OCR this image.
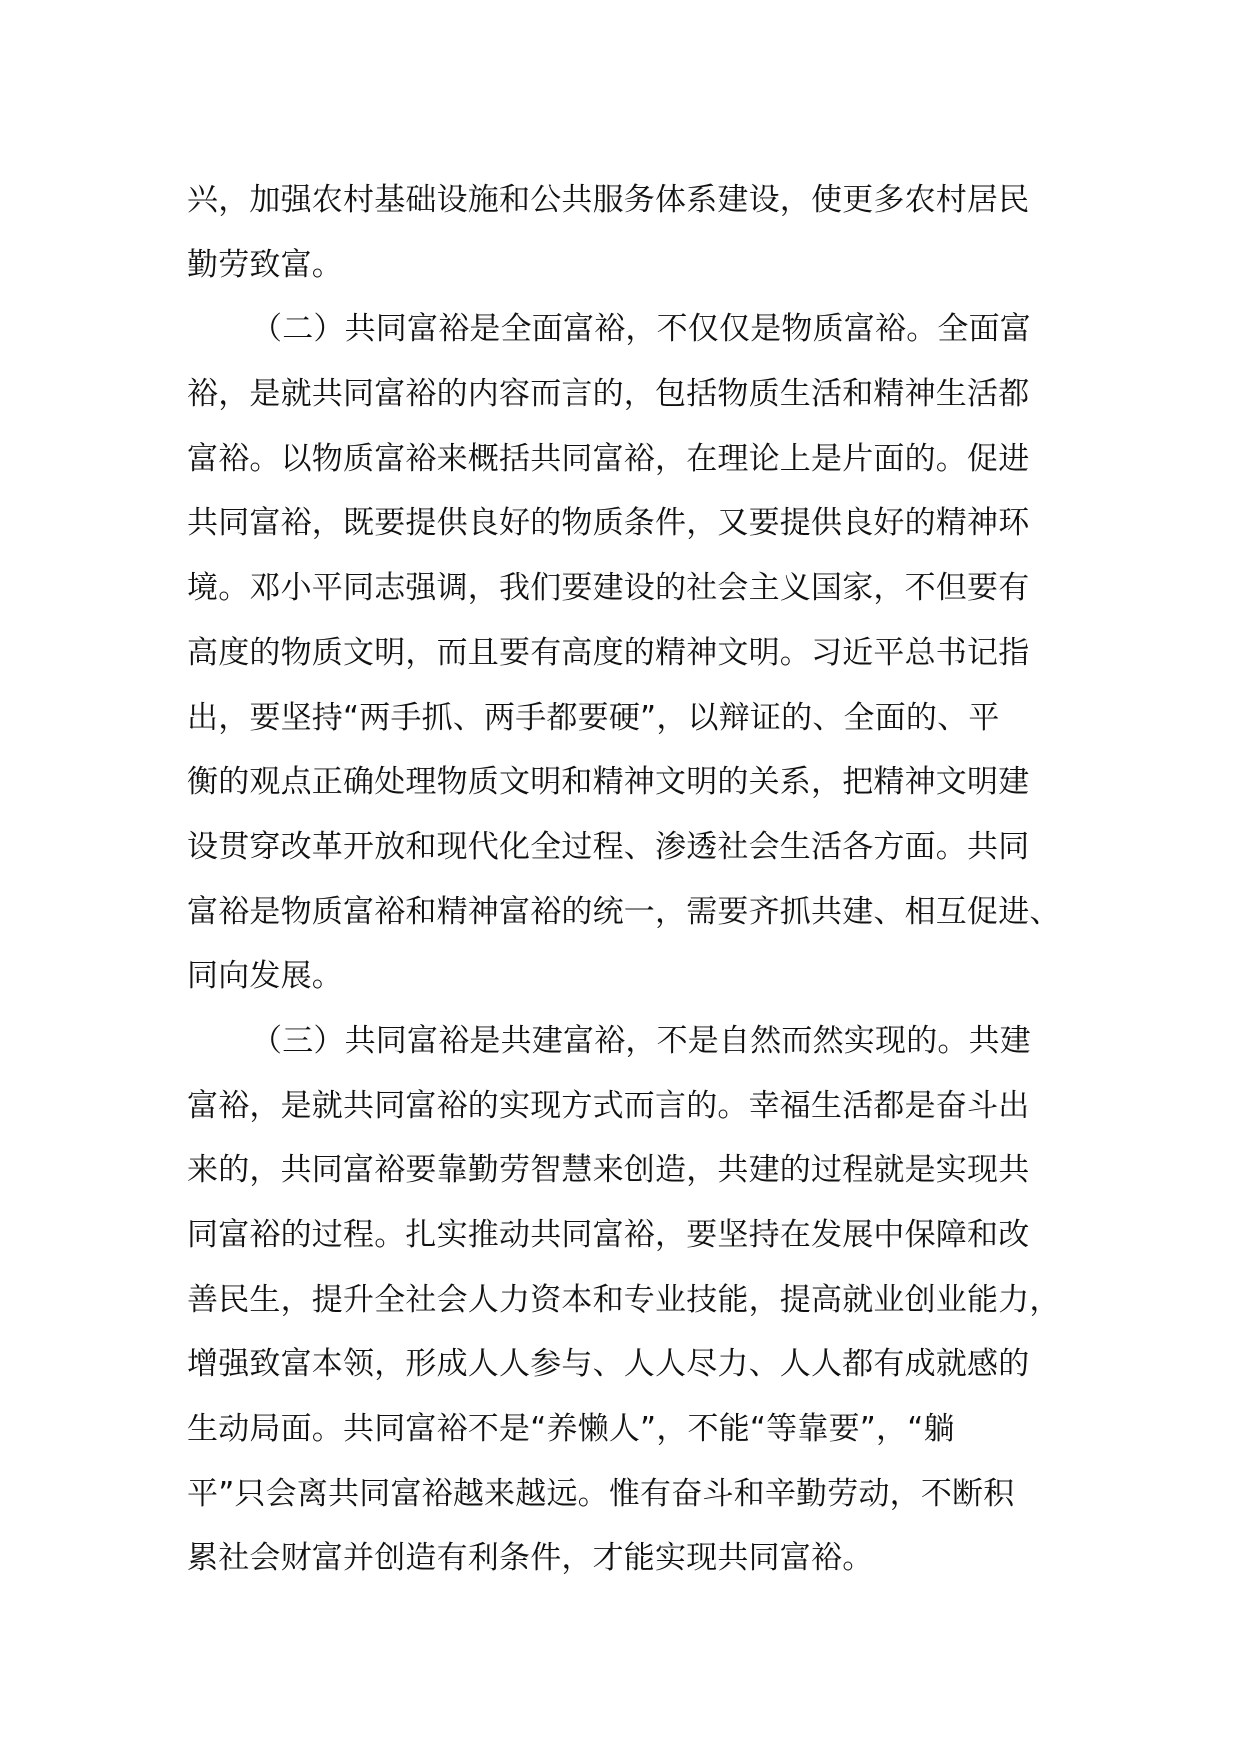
兴，加强农村基础设施和公共服务体系建设，使更多农村居民
勤劳致富。
（二）共同富裕是全面富裕，不仅仅是物质富裕。全面富
裕，是就共同富裕的内容而言的，包括物质生活和精神生活都
富裕。以物质富裕来概括共同富裕，在理论上是片面的。促进
共同富裕，既要提供良好的物质条件，又要提供良好的精神环
境。邓小平同志强调，我们要建设的社会主义国家，不但要有
高度的物质文明，而且要有高度的精神文明。习近平总书记指
出，要坚持“两手抓、两手都要硬”，以辩证的、全面的、平
衡的观点正确处理物质文明和精神文明的关系，把精神文明建
设贯穿改革开放和现代化全过程、渗透社会生活各方面。共同
富裕是物质富裕和精神富裕的统一，需要齐抓共建、相互促进、
同向发展。
（三）共同富裕是共建富裕，不是自然而然实现的。共建
富裕，是就共同富裕的实现方式而言的。幸福生活都是奋斗出
来的，共同富裕要靠勤劳智慧来创造，共建的过程就是实现共
同富裕的过程。扎实推动共同富裕，要坚持在发展中保障和改
善民生，提升全社会人力资本和专业技能，提高就业创业能力，
增强致富本领，形成人人参与、人人尽力、人人都有成就感的
生动局面。共同富裕不是“养懒人”，不能“等靠要”，“躺
平”只会离共同富裕越来越远。惟有奋斗和辛勤劳动，不断积
累社会财富并创造有利条件，才能实现共同富裕。
